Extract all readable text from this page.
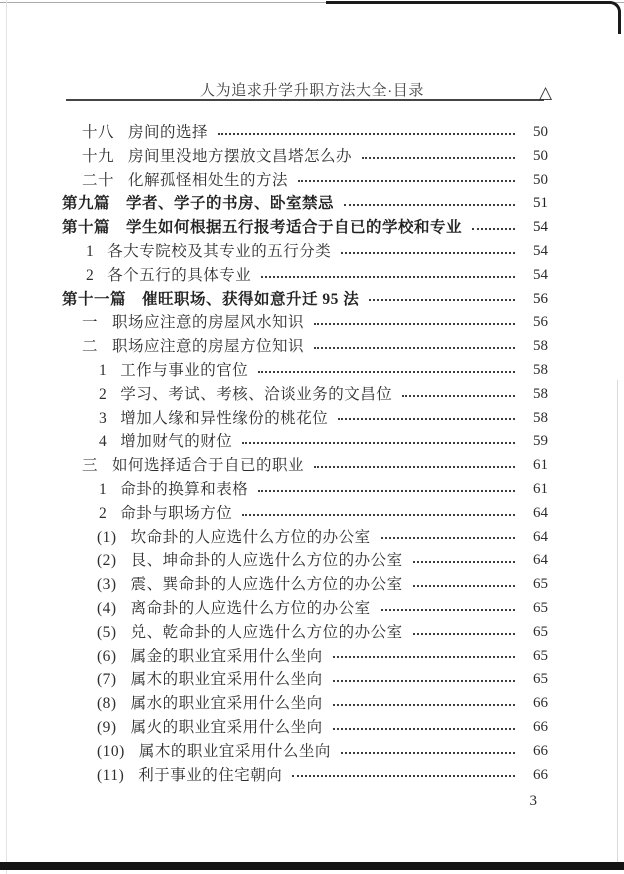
人为追求升学升职方法大全·目录	△
十八 房间的选择	50
十九 房间里没地方摆放文昌塔怎么办	50
二十 化解孤怪相处生的方法	50
第九篇 学者、学子的书房、卧室禁忌	51
第十篇 学生如何根据五行报考适合于自已的学校和专业	54
1 各大专院校及其专业的五行分类	54
2 各个五行的具体专业	54
第十一篇 催旺职场、获得如意升迁 95 法	56
一 职场应注意的房屋风水知识	56
二 职场应注意的房屋方位知识	58
1 工作与事业的官位	58
2 学习、考试、考核、洽谈业务的文昌位	58
3 增加人缘和异性缘份的桃花位	58
4 增加财气的财位	59
三 如何选择适合于自已的职业	61
1 命卦的换算和表格	61
2 命卦与职场方位	64
(1) 坎命卦的人应选什么方位的办公室	64
(2) 艮、坤命卦的人应选什么方位的办公室	64
(3) 震、巽命卦的人应选什么方位的办公室	65
(4) 离命卦的人应选什么方位的办公室	65
(5) 兑、乾命卦的人应选什么方位的办公室	65
(6) 属金的职业宜采用什么坐向	65
(7) 属木的职业宜采用什么坐向	65
(8) 属水的职业宜采用什么坐向	66
(9) 属火的职业宜采用什么坐向	66
(10) 属木的职业宜采用什么坐向	66
(11) 利于事业的住宅朝向	66
3
